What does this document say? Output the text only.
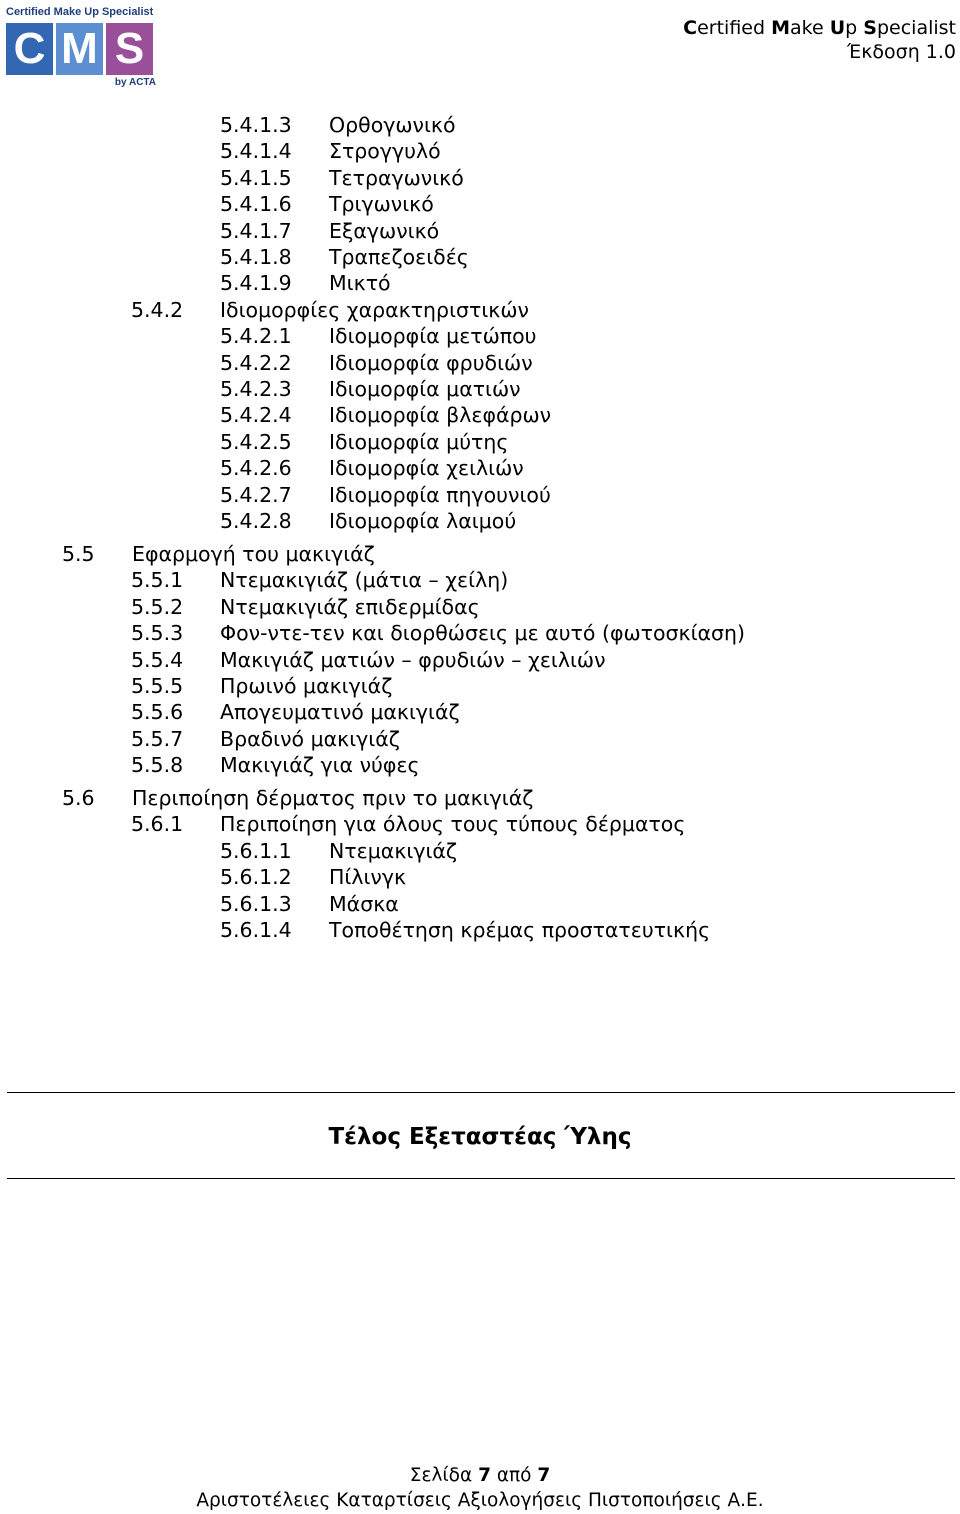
Certified Make Up Specialist
C M S
by ACTA
Certified Make Up Specialist
Έκδοση 1.0
5.4.1.3 Ορθογωνικό
5.4.1.4 Στρογγυλό
5.4.1.5 Τετραγωνικό
5.4.1.6 Τριγωνικό
5.4.1.7 Εξαγωνικό
5.4.1.8 Τραπεζοειδές
5.4.1.9 Μικτό
5.4.2 Ιδιομορφίες χαρακτηριστικών
5.4.2.1 Ιδιομορφία μετώπου
5.4.2.2 Ιδιομορφία φρυδιών
5.4.2.3 Ιδιομορφία ματιών
5.4.2.4 Ιδιομορφία βλεφάρων
5.4.2.5 Ιδιομορφία μύτης
5.4.2.6 Ιδιομορφία χειλιών
5.4.2.7 Ιδιομορφία πηγουνιού
5.4.2.8 Ιδιομορφία λαιμού
5.5 Εφαρμογή του μακιγιάζ
5.5.1 Ντεμακιγιάζ (μάτια – χείλη)
5.5.2 Ντεμακιγιάζ επιδερμίδας
5.5.3 Φον-ντε-τεν και διορθώσεις με αυτό (φωτοσκίαση)
5.5.4 Μακιγιάζ ματιών – φρυδιών – χειλιών
5.5.5 Πρωινό μακιγιάζ
5.5.6 Απογευματινό μακιγιάζ
5.5.7 Βραδινό μακιγιάζ
5.5.8 Μακιγιάζ για νύφες
5.6 Περιποίηση δέρματος πριν το μακιγιάζ
5.6.1 Περιποίηση για όλους τους τύπους δέρματος
5.6.1.1 Ντεμακιγιάζ
5.6.1.2 Πίλινγκ
5.6.1.3 Μάσκα
5.6.1.4 Τοποθέτηση κρέμας προστατευτικής
Τέλος Εξεταστέας Ύλης
Σελίδα 7 από 7
Αριστοτέλειες Καταρτίσεις Αξιολογήσεις Πιστοποιήσεις Α.Ε.
